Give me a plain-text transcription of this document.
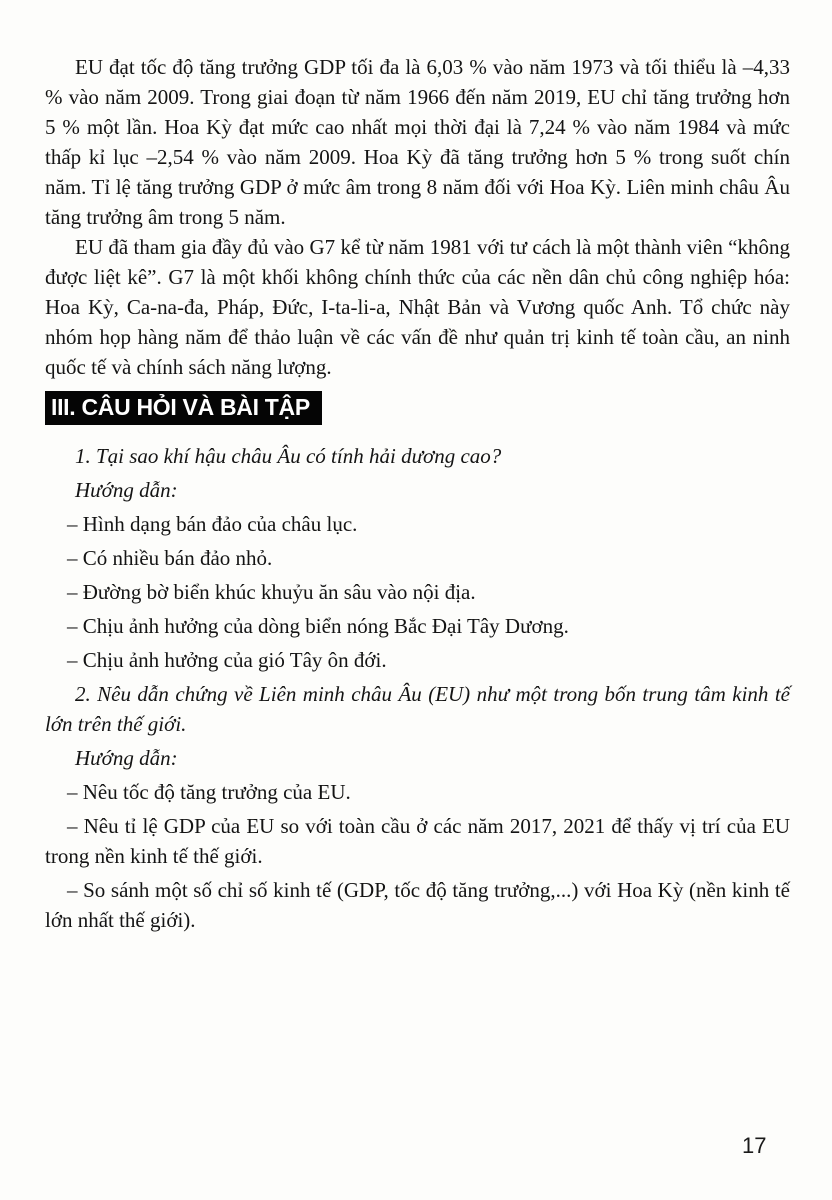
EU đạt tốc độ tăng trưởng GDP tối đa là 6,03 % vào năm 1973 và tối thiểu là –4,33 % vào năm 2009. Trong giai đoạn từ năm 1966 đến năm 2019, EU chỉ tăng trưởng hơn 5 % một lần. Hoa Kỳ đạt mức cao nhất mọi thời đại là 7,24 % vào năm 1984 và mức thấp kỉ lục –2,54 % vào năm 2009. Hoa Kỳ đã tăng trưởng hơn 5 % trong suốt chín năm. Tỉ lệ tăng trưởng GDP ở mức âm trong 8 năm đối với Hoa Kỳ. Liên minh châu Âu tăng trưởng âm trong 5 năm.

EU đã tham gia đầy đủ vào G7 kể từ năm 1981 với tư cách là một thành viên “không được liệt kê”. G7 là một khối không chính thức của các nền dân chủ công nghiệp hóa: Hoa Kỳ, Ca-na-đa, Pháp, Đức, I-ta-li-a, Nhật Bản và Vương quốc Anh. Tổ chức này nhóm họp hàng năm để thảo luận về các vấn đề như quản trị kinh tế toàn cầu, an ninh quốc tế và chính sách năng lượng.

III. CÂU HỎI VÀ BÀI TẬP

1. Tại sao khí hậu châu Âu có tính hải dương cao?

Hướng dẫn:

– Hình dạng bán đảo của châu lục.

– Có nhiều bán đảo nhỏ.

– Đường bờ biển khúc khuỷu ăn sâu vào nội địa.

– Chịu ảnh hưởng của dòng biển nóng Bắc Đại Tây Dương.

– Chịu ảnh hưởng của gió Tây ôn đới.

2. Nêu dẫn chứng về Liên minh châu Âu (EU) như một trong bốn trung tâm kinh tế lớn trên thế giới.

Hướng dẫn:

– Nêu tốc độ tăng trưởng của EU.

– Nêu tỉ lệ GDP của EU so với toàn cầu ở các năm 2017, 2021 để thấy vị trí của EU trong nền kinh tế thế giới.

– So sánh một số chỉ số kinh tế (GDP, tốc độ tăng trưởng,...) với Hoa Kỳ (nền kinh tế lớn nhất thế giới).

17
